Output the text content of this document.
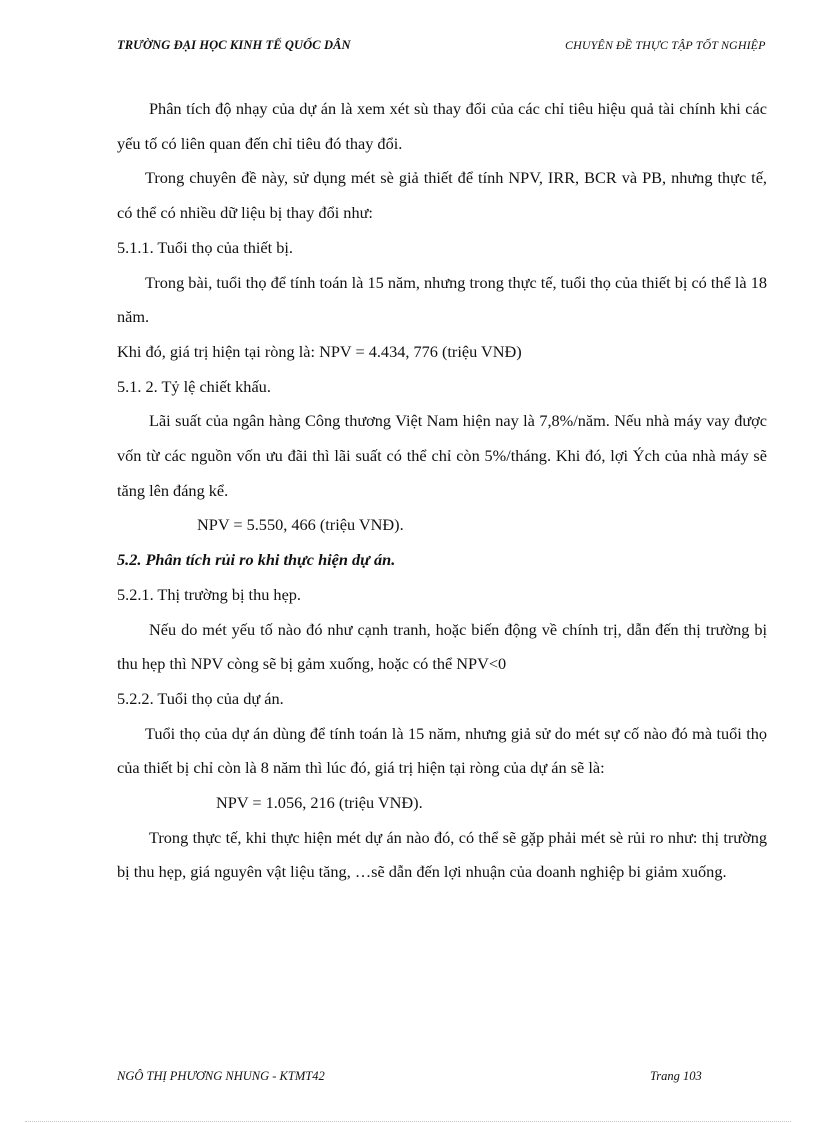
TRƯỜNG ĐẠI HỌC KINH TẾ QUỐC DÂN	CHUYÊN ĐỀ THỰC TẬP TỐT NGHIỆP

Phân tích độ nhạy của dự án là xem xét sù thay đổi của các chỉ tiêu hiệu quả tài chính khi các yếu tố có liên quan đến chỉ tiêu đó thay đổi.

Trong chuyên đề này, sử dụng mét sè giả thiết để tính NPV, IRR, BCR và PB, nhưng thực tế, có thể có nhiều dữ liệu bị thay đổi như:

5.1.1. Tuổi thọ của thiết bị.

Trong bài, tuổi thọ để tính toán là 15 năm, nhưng trong thực tế, tuổi thọ của thiết bị có thể là 18 năm.

Khi đó, giá trị hiện tại ròng là: NPV = 4.434, 776 (triệu VNĐ)

5.1. 2. Tỷ lệ chiết khấu.

Lãi suất của ngân hàng Công thương Việt Nam hiện nay là 7,8%/năm. Nếu nhà máy vay được vốn từ các nguồn vốn ưu đãi thì lãi suất có thể chỉ còn 5%/tháng. Khi đó, lợi Ých của nhà máy sẽ tăng lên đáng kể.

NPV = 5.550, 466 (triệu VNĐ).

5.2. Phân tích rủi ro khi thực hiện dự án.

5.2.1. Thị trường bị thu hẹp.

Nếu do mét yếu tố nào đó như cạnh tranh, hoặc biến động về chính trị, dẫn đến thị trường bị thu hẹp thì NPV còng sẽ bị gảm xuống, hoặc có thể NPV<0

5.2.2. Tuổi thọ của dự án.

Tuổi thọ của dự án dùng để tính toán là 15 năm, nhưng giả sử do mét sự cố nào đó mà tuổi thọ của thiết bị chỉ còn là 8 năm thì lúc đó, giá trị hiện tại ròng của dự án sẽ là:

NPV = 1.056, 216 (triệu VNĐ).

Trong thực tế, khi thực hiện mét dự án nào đó, có thể sẽ gặp phải mét sè rủi ro như: thị trường bị thu hẹp, giá nguyên vật liệu tăng, …sẽ dẫn đến lợi nhuận của doanh nghiệp bi giảm xuống.

NGÔ THỊ PHƯƠNG NHUNG - KTMT42	Trang 103
